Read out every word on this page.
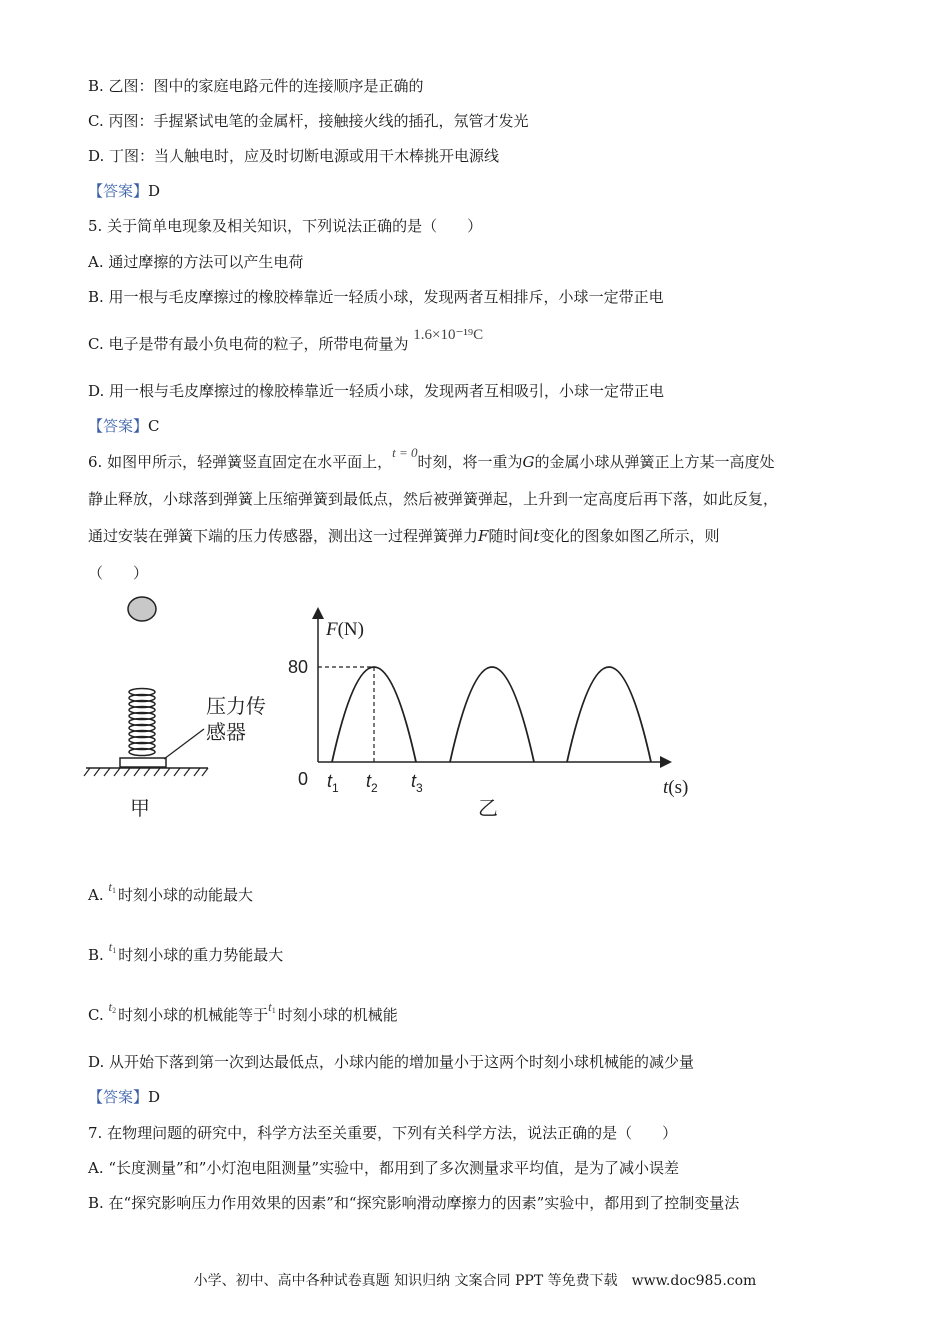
B. 乙图：图中的家庭电路元件的连接顺序是正确的
C. 丙图：手握紧试电笔的金属杆，接触接火线的插孔，氖管才发光
D. 丁图：当人触电时，应及时切断电源或用干木棒挑开电源线
【答案】D
5. 关于简单电现象及相关知识，下列说法正确的是（　　）
A. 通过摩擦的方法可以产生电荷
B. 用一根与毛皮摩擦过的橡胶棒靠近一轻质小球，发现两者互相排斥，小球一定带正电
C. 电子是带有最小负电荷的粒子，所带电荷量为 1.6×10⁻¹⁹C
D. 用一根与毛皮摩擦过的橡胶棒靠近一轻质小球，发现两者互相吸引，小球一定带正电
【答案】C
6. 如图甲所示，轻弹簧竖直固定在水平面上，t = 0时刻，将一重为G的金属小球从弹簧正上方某一高度处
静止释放，小球落到弹簧上压缩弹簧到最低点，然后被弹簧弹起，上升到一定高度后再下落，如此反复，
通过安装在弹簧下端的压力传感器，测出这一过程弹簧弹力F随时间t变化的图象如图乙所示，则
（　　）
压力传
感器
甲
F(N)
t(s)
0
80
$t_1$ $t_2$ $t_3$
乙
A. $t_1$ 时刻小球的动能最大
B. $t_1$ 时刻小球的重力势能最大
C. $t_2$ 时刻小球的机械能等于$t_1$ 时刻小球的机械能
D. 从开始下落到第一次到达最低点，小球内能的增加量小于这两个时刻小球机械能的减少量
【答案】D
7. 在物理问题的研究中，科学方法至关重要，下列有关科学方法，说法正确的是（　　）
A. “长度测量”和”小灯泡电阻测量”实验中，都用到了多次测量求平均值，是为了减小误差
B. 在“探究影响压力作用效果的因素”和“探究影响滑动摩擦力的因素”实验中，都用到了控制变量法
小学、初中、高中各种试卷真题 知识归纳 文案合同 PPT 等免费下载　www.doc985.com
